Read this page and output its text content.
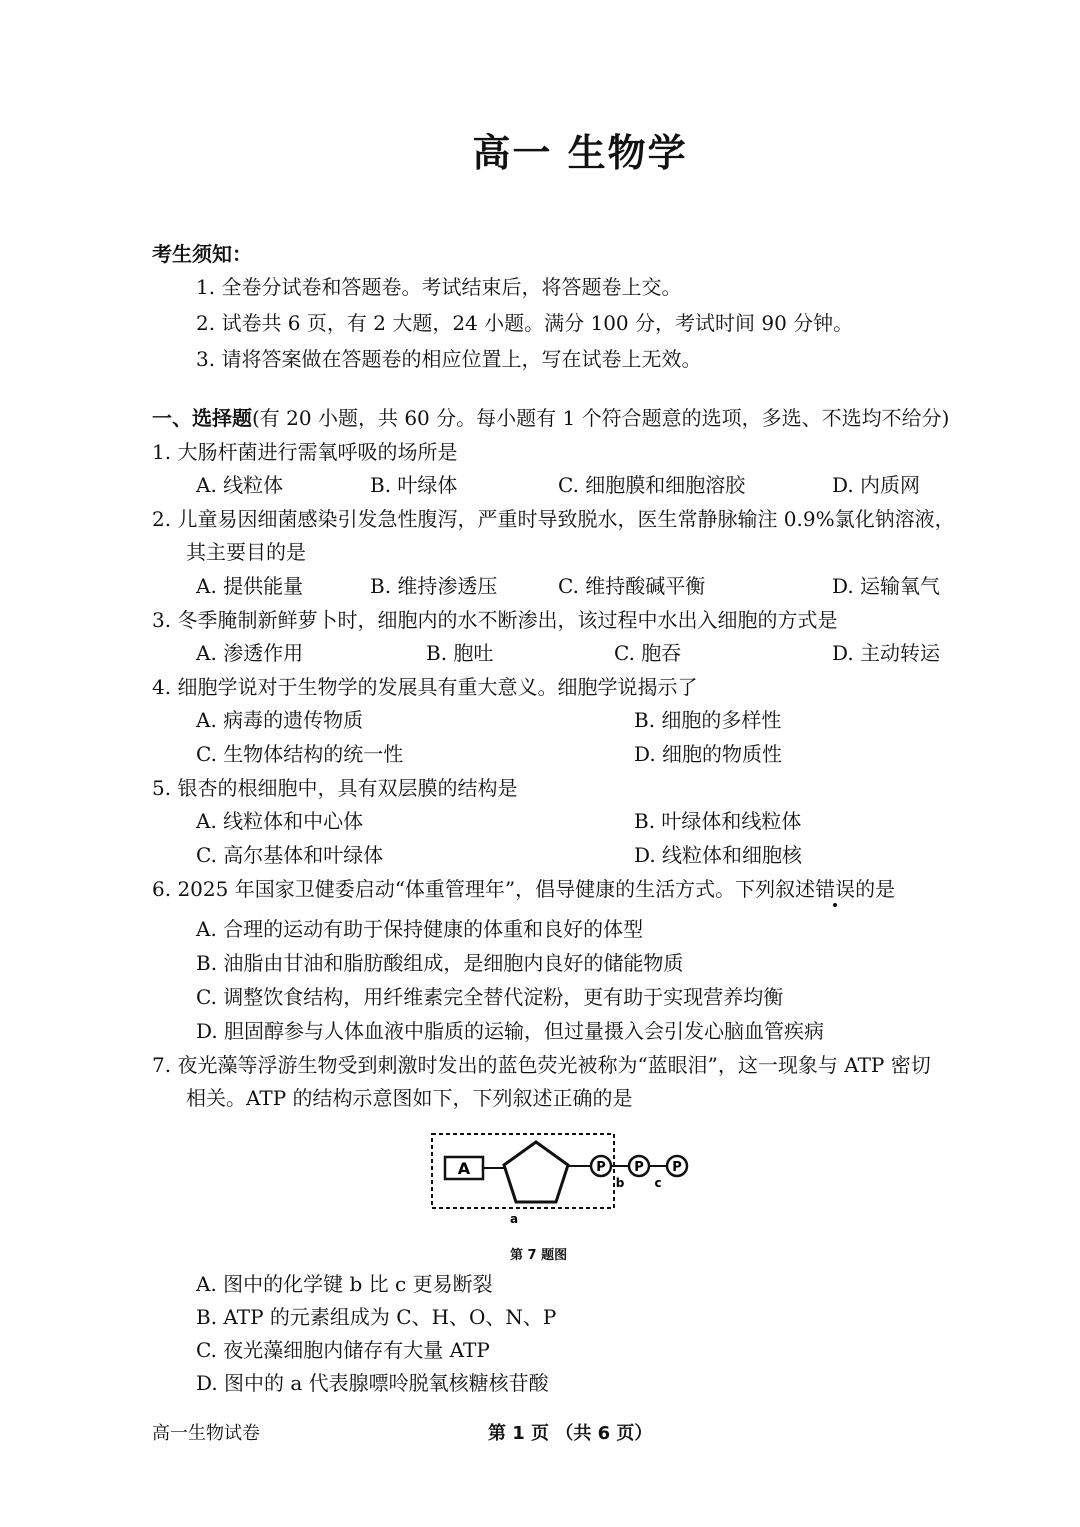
高一 生物学
考生须知：
1. 全卷分试卷和答题卷。考试结束后，将答题卷上交。
2. 试卷共 6 页，有 2 大题，24 小题。满分 100 分，考试时间 90 分钟。
3. 请将答案做在答题卷的相应位置上，写在试卷上无效。
一、选择题(有 20 小题，共 60 分。每小题有 1 个符合题意的选项，多选、不选均不给分)
1. 大肠杆菌进行需氧呼吸的场所是
A. 线粒体	B. 叶绿体	C. 细胞膜和细胞溶胶	D. 内质网
2. 儿童易因细菌感染引发急性腹泻，严重时导致脱水，医生常静脉输注 0.9%氯化钠溶液，
其主要目的是
A. 提供能量	B. 维持渗透压	C. 维持酸碱平衡	D. 运输氧气
3. 冬季腌制新鲜萝卜时，细胞内的水不断渗出，该过程中水出入细胞的方式是
A. 渗透作用	B. 胞吐	C. 胞吞	D. 主动转运
4. 细胞学说对于生物学的发展具有重大意义。细胞学说揭示了
A. 病毒的遗传物质	B. 细胞的多样性
C. 生物体结构的统一性	D. 细胞的物质性
5. 银杏的根细胞中，具有双层膜的结构是
A. 线粒体和中心体	B. 叶绿体和线粒体
C. 高尔基体和叶绿体	D. 线粒体和细胞核
6. 2025 年国家卫健委启动“体重管理年”，倡导健康的生活方式。下列叙述错误的是
A. 合理的运动有助于保持健康的体重和良好的体型
B. 油脂由甘油和脂肪酸组成，是细胞内良好的储能物质
C. 调整饮食结构，用纤维素完全替代淀粉，更有助于实现营养均衡
D. 胆固醇参与人体血液中脂质的运输，但过量摄入会引发心脑血管疾病
7. 夜光藻等浮游生物受到刺激时发出的蓝色荧光被称为“蓝眼泪”，这一现象与 ATP 密切
相关。ATP 的结构示意图如下，下列叙述正确的是
A	P P P
b	c
a
第 7 题图
A. 图中的化学键 b 比 c 更易断裂
B. ATP 的元素组成为 C、H、O、N、P
C. 夜光藻细胞内储存有大量 ATP
D. 图中的 a 代表腺嘌呤脱氧核糖核苷酸
高一生物试卷	第 1 页 （共 6 页）
